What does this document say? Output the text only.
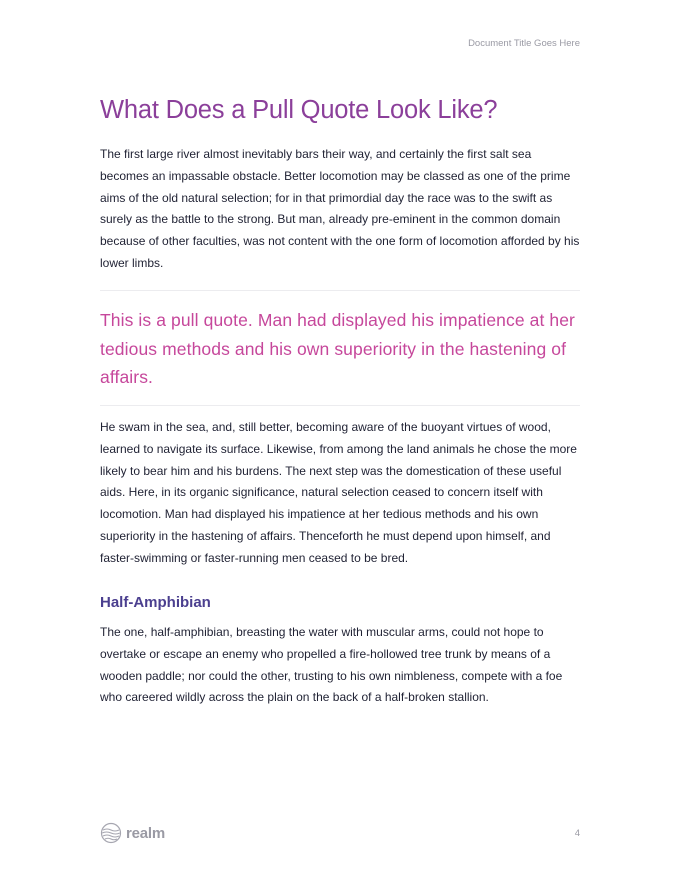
Document Title Goes Here
What Does a Pull Quote Look Like?

The first large river almost inevitably bars their way, and certainly the first salt sea becomes an impassable obstacle. Better locomotion may be classed as one of the prime aims of the old natural selection; for in that primordial day the race was to the swift as surely as the battle to the strong. But man, already pre-eminent in the common domain because of other faculties, was not content with the one form of locomotion afforded by his lower limbs.

This is a pull quote. Man had displayed his impatience at her tedious methods and his own superiority in the hastening of affairs.

He swam in the sea, and, still better, becoming aware of the buoyant virtues of wood, learned to navigate its surface. Likewise, from among the land animals he chose the more likely to bear him and his burdens. The next step was the domestication of these useful aids. Here, in its organic significance, natural selection ceased to concern itself with locomotion. Man had displayed his impatience at her tedious methods and his own superiority in the hastening of affairs. Thenceforth he must depend upon himself, and faster-swimming or faster-running men ceased to be bred.

Half-Amphibian

The one, half-amphibian, breasting the water with muscular arms, could not hope to overtake or escape an enemy who propelled a fire-hollowed tree trunk by means of a wooden paddle; nor could the other, trusting to his own nimbleness, compete with a foe who careered wildly across the plain on the back of a half-broken stallion.

realm	4
